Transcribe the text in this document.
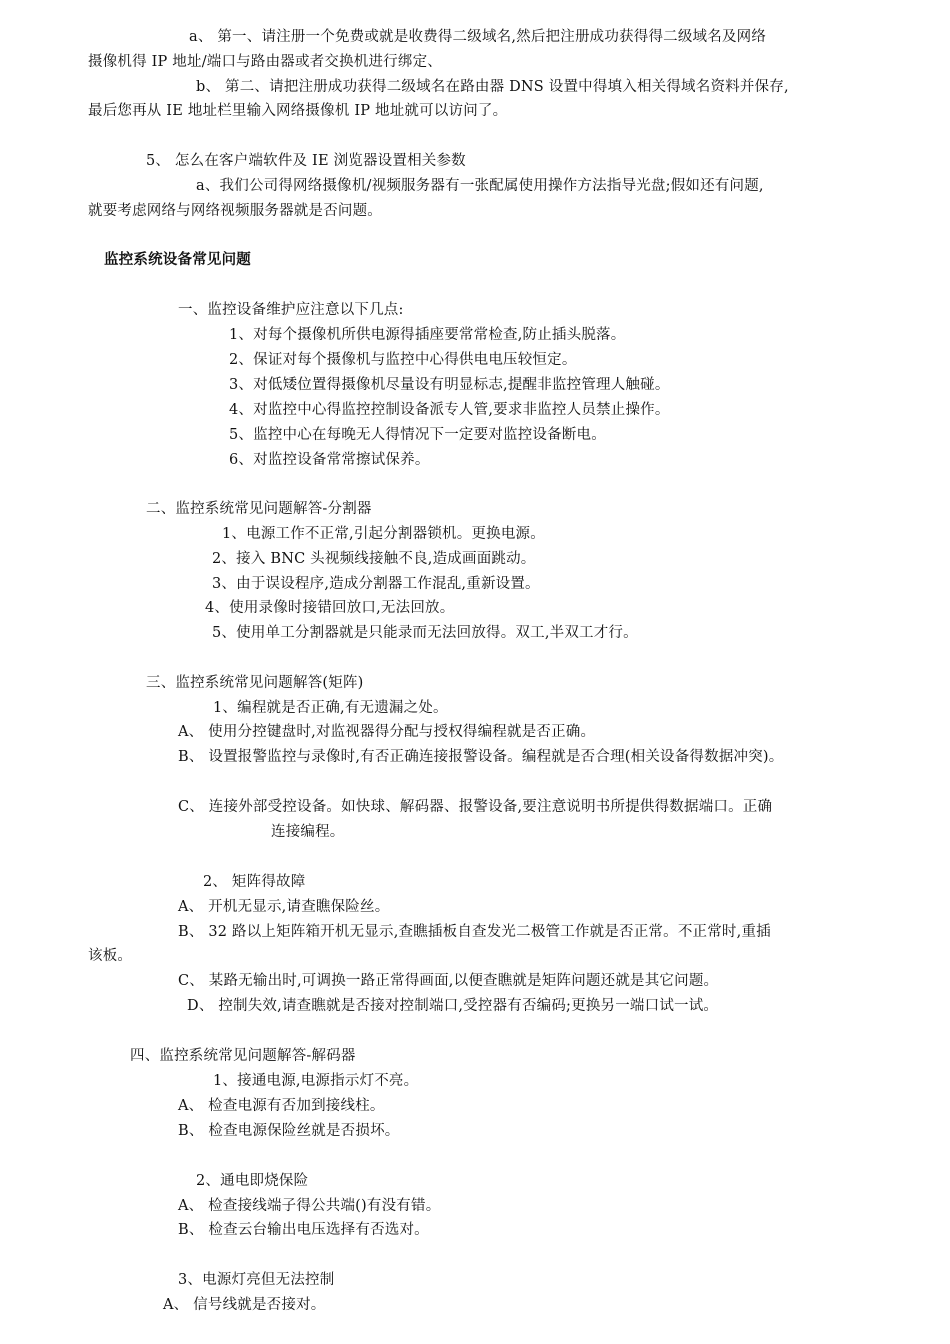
a、 第一、请注册一个免费或就是收费得二级域名,然后把注册成功获得得二级域名及网络
摄像机得 IP 地址/端口与路由器或者交换机进行绑定、
b、 第二、请把注册成功获得二级域名在路由器 DNS 设置中得填入相关得域名资料并保存,
最后您再从 IE 地址栏里输入网络摄像机 IP 地址就可以访问了。
5、 怎么在客户端软件及 IE 浏览器设置相关参数
a、我们公司得网络摄像机/视频服务器有一张配属使用操作方法指导光盘;假如还有问题,
就要考虑网络与网络视频服务器就是否问题。
监控系统设备常见问题
一、监控设备维护应注意以下几点:
1、对每个摄像机所供电源得插座要常常检查,防止插头脱落。
2、保证对每个摄像机与监控中心得供电电压较恒定。
3、对低矮位置得摄像机尽量设有明显标志,提醒非监控管理人触碰。
4、对监控中心得监控控制设备派专人管,要求非监控人员禁止操作。
5、监控中心在每晚无人得情况下一定要对监控设备断电。
6、对监控设备常常擦试保养。
二、监控系统常见问题解答-分割器
1、电源工作不正常,引起分割器锁机。更换电源。
2、接入 BNC 头视频线接触不良,造成画面跳动。
3、由于误设程序,造成分割器工作混乱,重新设置。
4、使用录像时接错回放口,无法回放。
5、使用单工分割器就是只能录而无法回放得。双工,半双工才行。
三、监控系统常见问题解答(矩阵)
1、编程就是否正确,有无遗漏之处。
A、 使用分控键盘时,对监视器得分配与授权得编程就是否正确。
B、 设置报警监控与录像时,有否正确连接报警设备。编程就是否合理(相关设备得数据冲突)。
C、 连接外部受控设备。如快球、解码器、报警设备,要注意说明书所提供得数据端口。正确
连接编程。
2、 矩阵得故障
A、 开机无显示,请查瞧保险丝。
B、 32 路以上矩阵箱开机无显示,查瞧插板自查发光二极管工作就是否正常。不正常时,重插
该板。
C、 某路无输出时,可调换一路正常得画面,以便查瞧就是矩阵问题还就是其它问题。
D、 控制失效,请查瞧就是否接对控制端口,受控器有否编码;更换另一端口试一试。
四、监控系统常见问题解答-解码器
1、接通电源,电源指示灯不亮。
A、 检查电源有否加到接线柱。
B、 检查电源保险丝就是否损坏。
2、通电即烧保险
A、 检查接线端子得公共端()有没有错。
B、 检查云台输出电压选择有否选对。
3、电源灯亮但无法控制
A、 信号线就是否接对。
